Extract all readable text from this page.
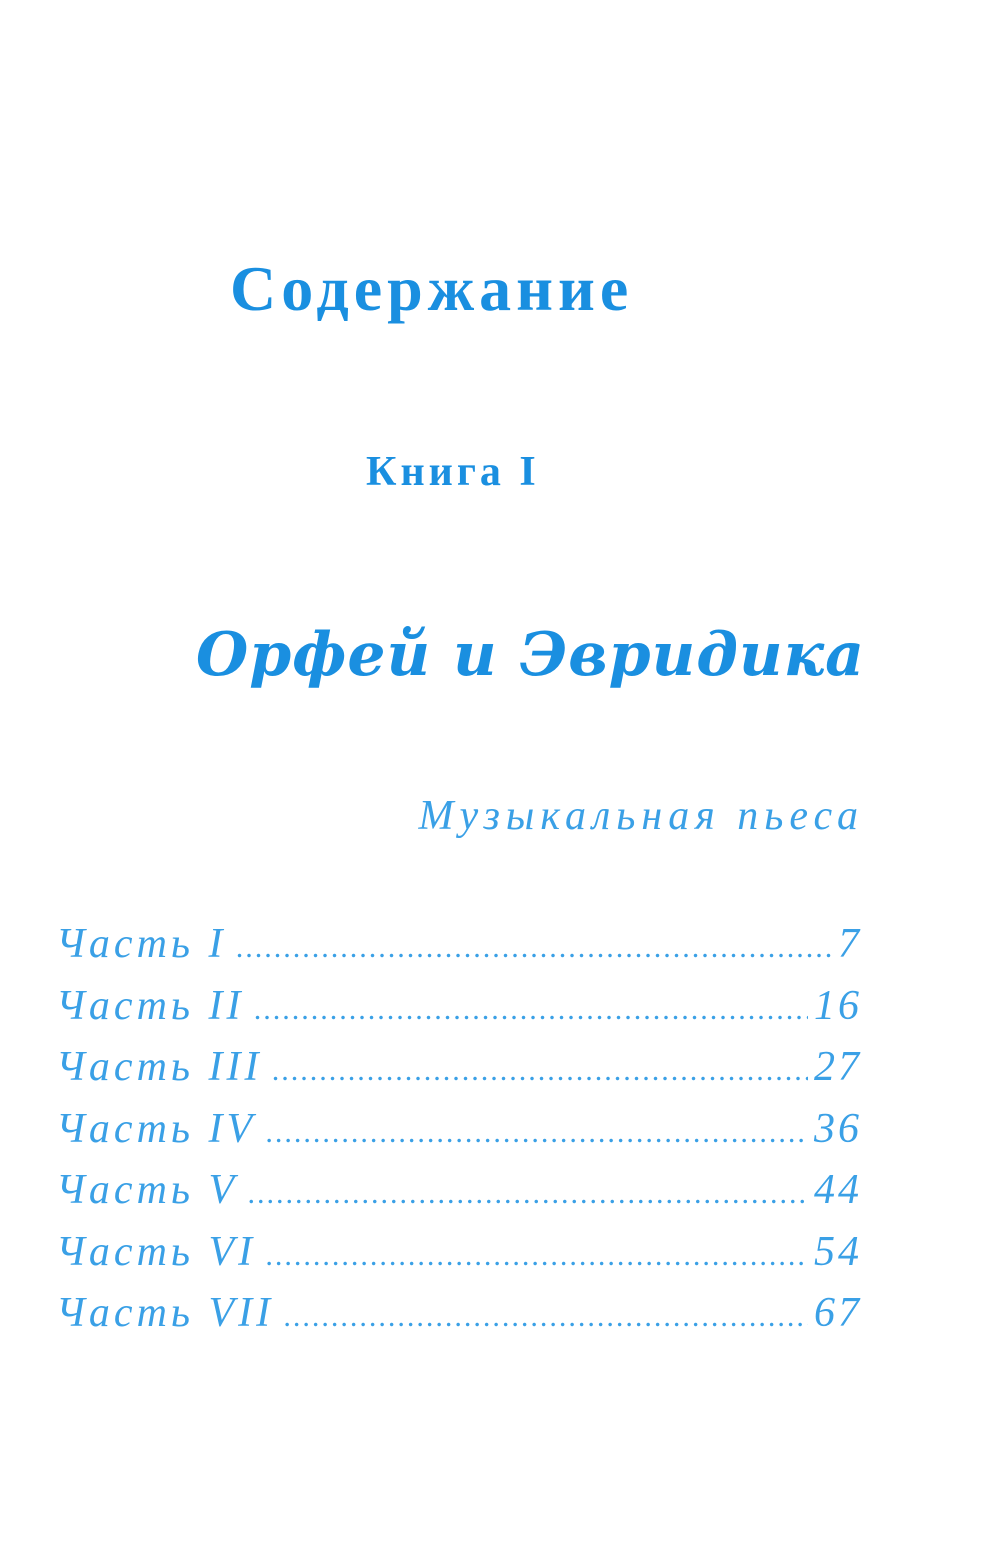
Содержание
Книга I
Орфей и Эвридика
Музыкальная пьеса
Часть I .....	7
Часть II .....	16
Часть III .....	27
Часть IV .....	36
Часть V .....	44
Часть VI .....	54
Часть VII .....	67
